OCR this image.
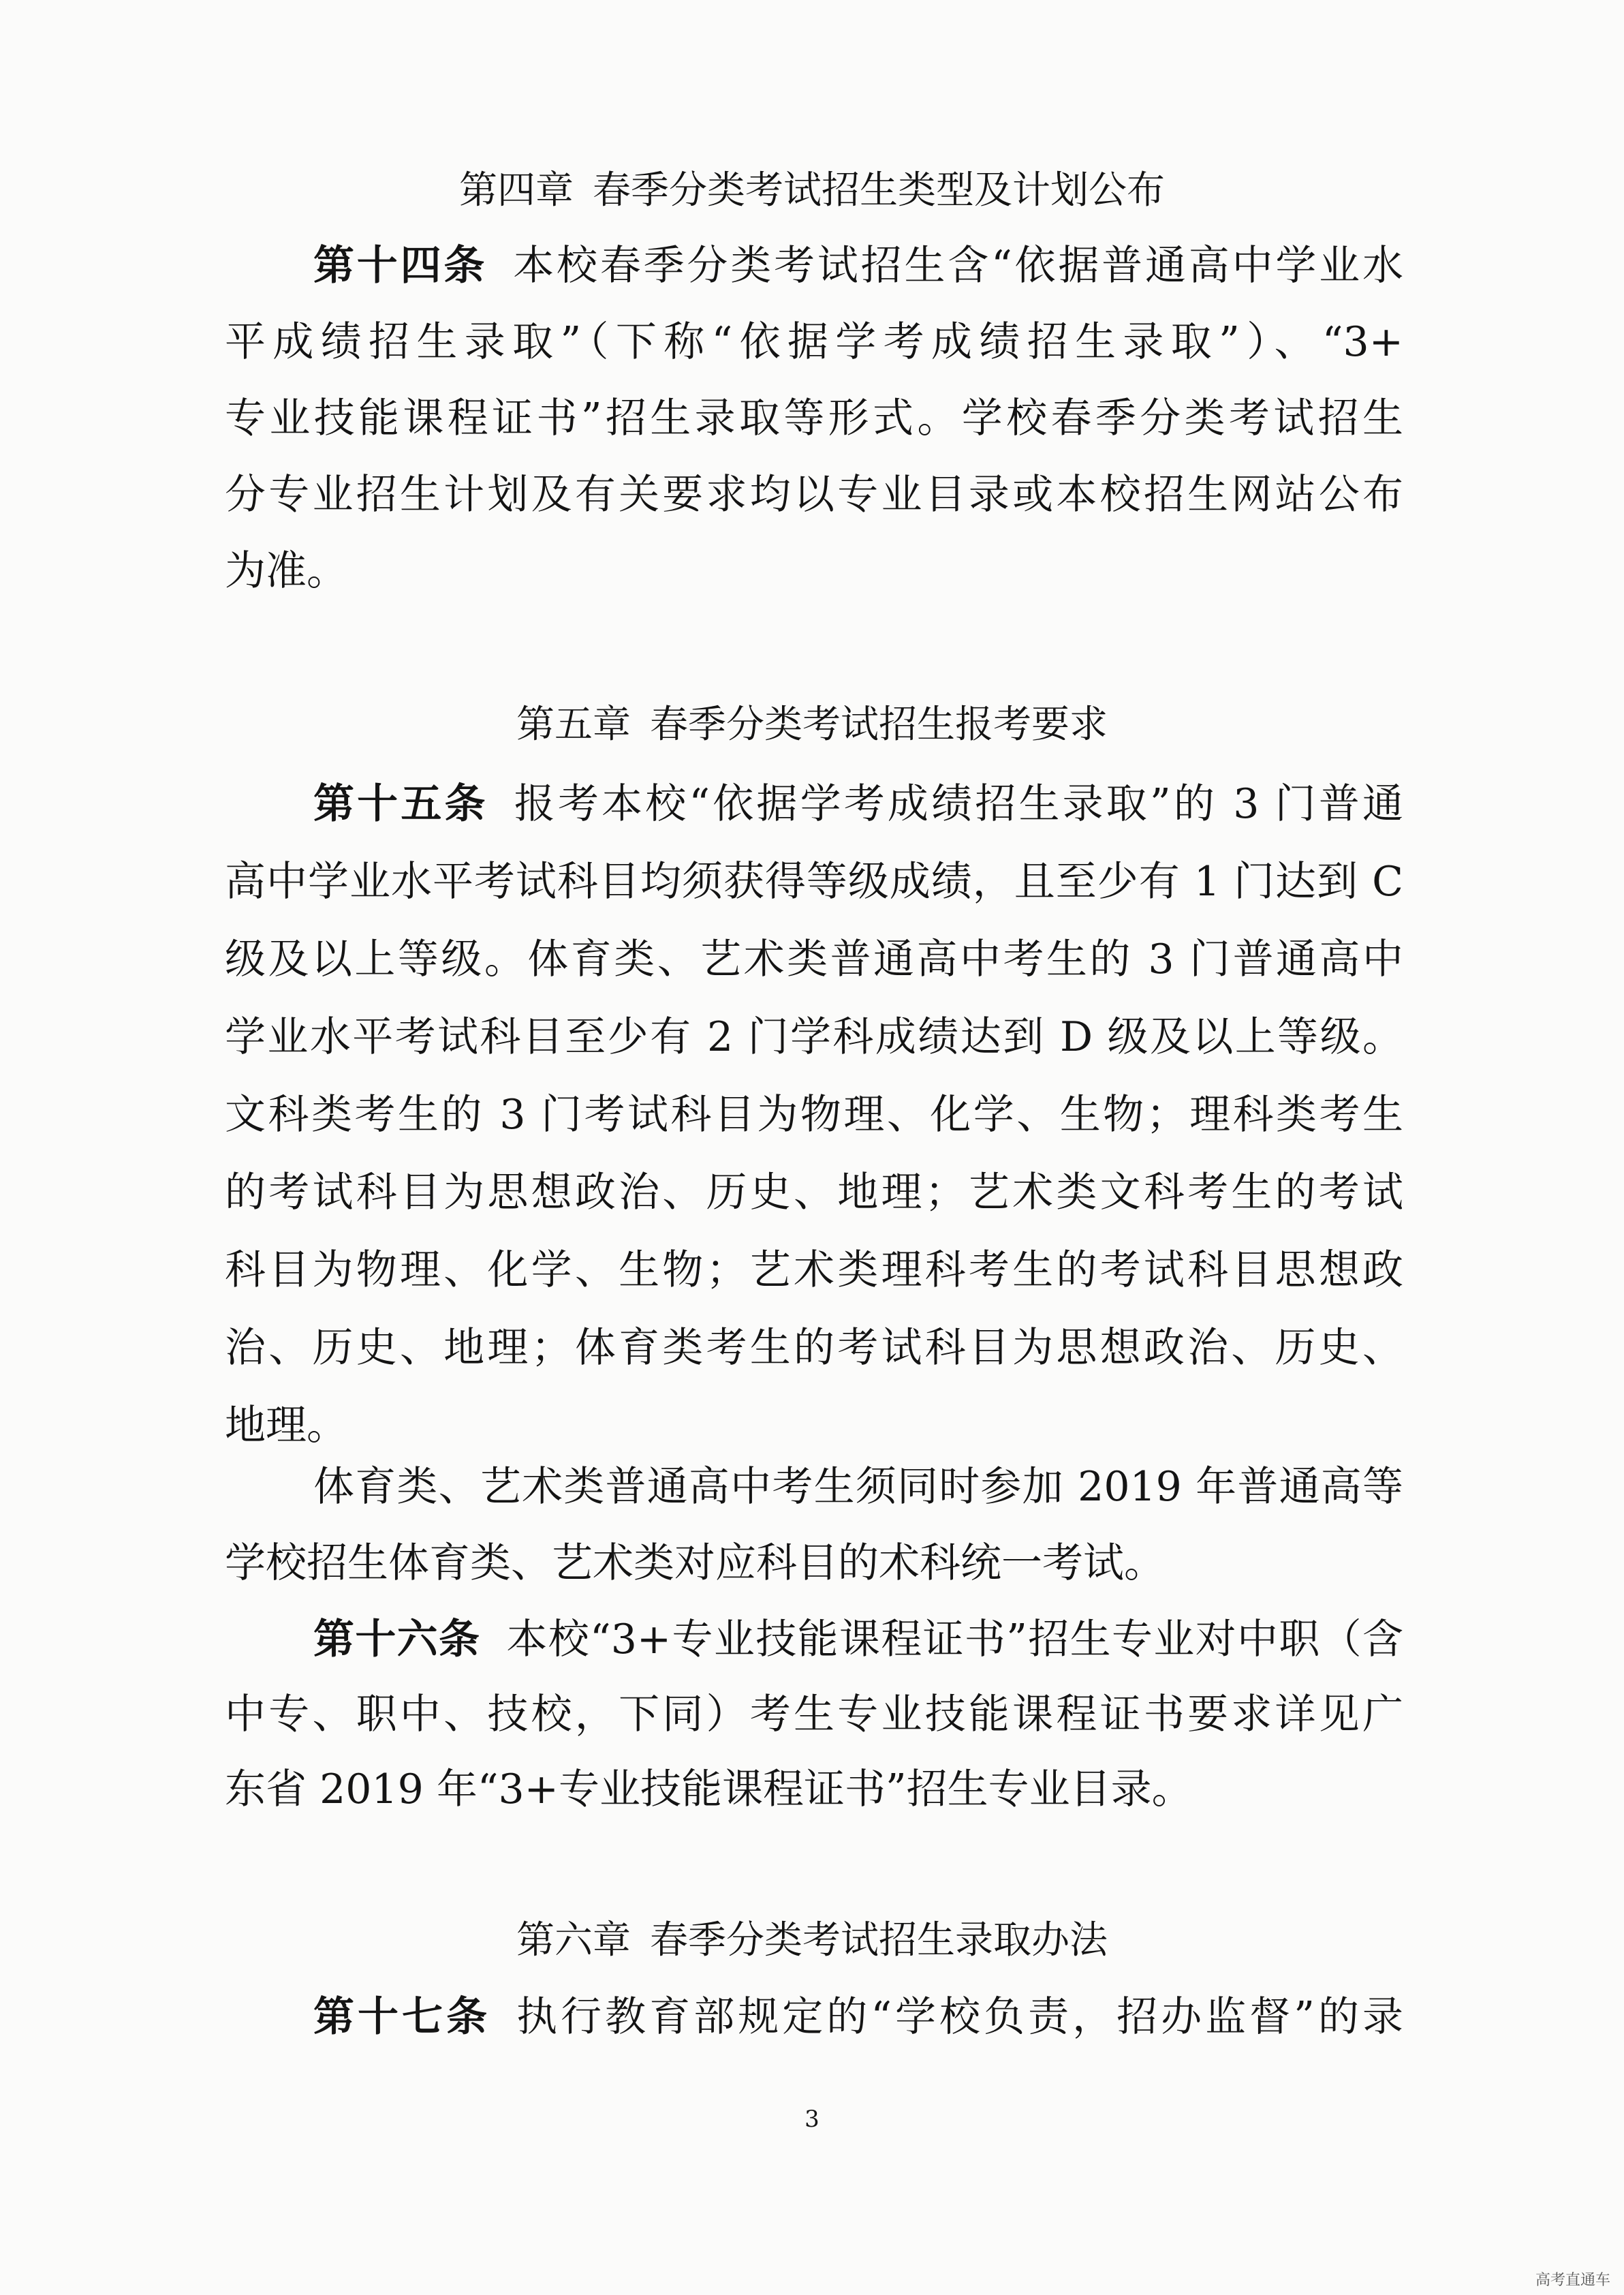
第四章 春季分类考试招生类型及计划公布
第十四条 本校春季分类考试招生含“依据普通高中学业水
平成绩招生录取”（下称“依据学考成绩招生录取”）、“3+
专业技能课程证书”招生录取等形式。学校春季分类考试招生
分专业招生计划及有关要求均以专业目录或本校招生网站公布
为准。
第五章 春季分类考试招生报考要求
第十五条 报考本校“依据学考成绩招生录取”的 3 门普通
高中学业水平考试科目均须获得等级成绩，且至少有 1 门达到 C
级及以上等级。体育类、艺术类普通高中考生的 3 门普通高中
学业水平考试科目至少有 2 门学科成绩达到 D 级及以上等级。
文科类考生的 3 门考试科目为物理、化学、生物；理科类考生
的考试科目为思想政治、历史、地理；艺术类文科考生的考试
科目为物理、化学、生物；艺术类理科考生的考试科目思想政
治、历史、地理；体育类考生的考试科目为思想政治、历史、
地理。
体育类、艺术类普通高中考生须同时参加 2019 年普通高等
学校招生体育类、艺术类对应科目的术科统一考试。
第十六条 本校“3+专业技能课程证书”招生专业对中职（含
中专、职中、技校，下同）考生专业技能课程证书要求详见广
东省 2019 年“3+专业技能课程证书”招生专业目录。
第六章 春季分类考试招生录取办法
第十七条 执行教育部规定的“学校负责，招办监督”的录
3
高考直通车
